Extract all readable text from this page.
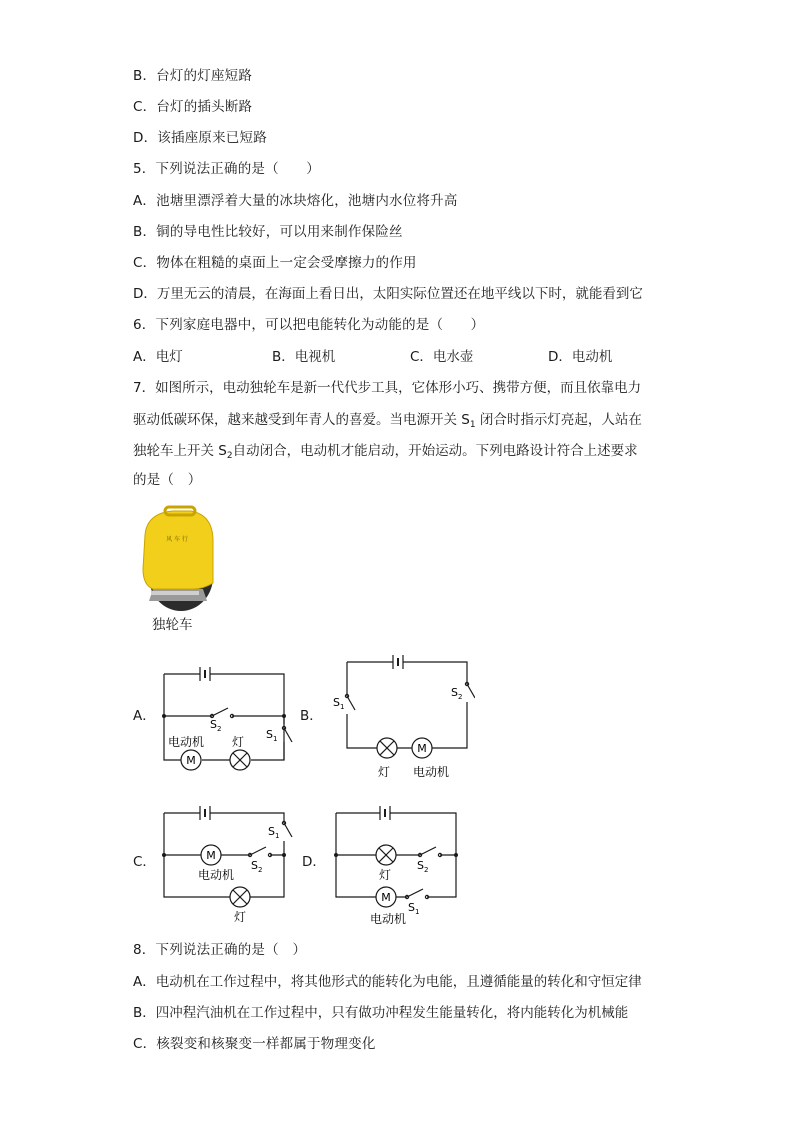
B．台灯的灯座短路
C．台灯的插头断路
D．该插座原来已短路
5．下列说法正确的是（　　）
A．池塘里漂浮着大量的冰块熔化，池塘内水位将升高
B．铜的导电性比较好，可以用来制作保险丝
C．物体在粗糙的桌面上一定会受摩擦力的作用
D．万里无云的清晨，在海面上看日出，太阳实际位置还在地平线以下时，就能看到它
6．下列家庭电器中，可以把电能转化为动能的是（　　）
A．电灯	B．电视机	C．电水壶	D．电动机
7．如图所示，电动独轮车是新一代代步工具，它体形小巧、携带方便，而且依靠电力
驱动低碳环保，越来越受到年青人的喜爱。当电源开关 $S_1$ 闭合时指示灯亮起，人站在
独轮车上开关 $S_2$自动闭合，电动机才能启动，开始运动。下列电路设计符合上述要求
的是（　）
风 车 行
独轮车
A．
M
S 2	S 1
电动机 灯
B．
M
S 1
S 2
灯 电动机
C．	M
S 1
S 2
电动机
灯
D．
M
S 2
S 1
灯
电动机
8．下列说法正确的是（　）
A．电动机在工作过程中，将其他形式的能转化为电能，且遵循能量的转化和守恒定律
B．四冲程汽油机在工作过程中，只有做功冲程发生能量转化，将内能转化为机械能
C．核裂变和核聚变一样都属于物理变化
